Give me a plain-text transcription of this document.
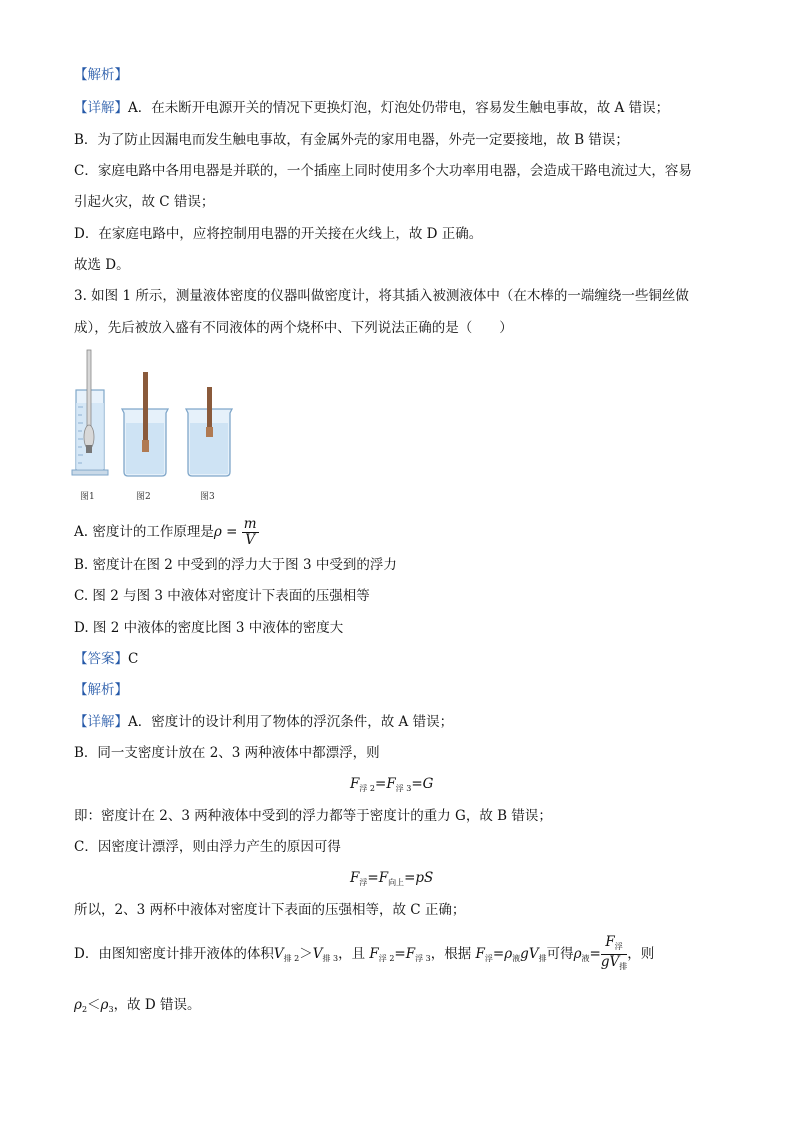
【解析】
【详解】A．在未断开电源开关的情况下更换灯泡，灯泡处仍带电，容易发生触电事故，故 A 错误；
B．为了防止因漏电而发生触电事故，有金属外壳的家用电器，外壳一定要接地，故 B 错误；
C．家庭电路中各用电器是并联的，一个插座上同时使用多个大功率用电器，会造成干路电流过大，容易
引起火灾，故 C 错误；
D．在家庭电路中，应将控制用电器的开关接在火线上，故 D 正确。
故选 D。
3. 如图 1 所示，测量液体密度的仪器叫做密度计，将其插入被测液体中（在木棒的一端缠绕一些铜丝做
成），先后被放入盛有不同液体的两个烧杯中、下列说法正确的是（　　）
图1	图2	图3
A. 密度计的工作原理是$\rho = \frac{m}{V}$
B. 密度计在图 2 中受到的浮力大于图 3 中受到的浮力
C. 图 2 与图 3 中液体对密度计下表面的压强相等
D. 图 2 中液体的密度比图 3 中液体的密度大
【答案】C
【解析】
【详解】A．密度计的设计利用了物体的浮沉条件，故 A 错误；
B．同一支密度计放在 2、3 两种液体中都漂浮，则
$F_{浮 2}=F_{浮 3}=G$
即：密度计在 2、3 两种液体中受到的浮力都等于密度计的重力 G，故 B 错误；
C．因密度计漂浮，则由浮力产生的原因可得
$F_浮=F_{向上}=pS$
所以，2、3 两杯中液体对密度计下表面的压强相等，故 C 正确；
D．由图知密度计排开液体的体积$V_{排 2}>V_{排 3}$，且 $F_{浮 2}=F_{浮 3}$，根据 $F_浮=\rho_液gV_排$可得$\rho_液= \frac{F_浮}{gV_排}$ ，则
$\rho_2<\rho_3$，故 D 错误。
